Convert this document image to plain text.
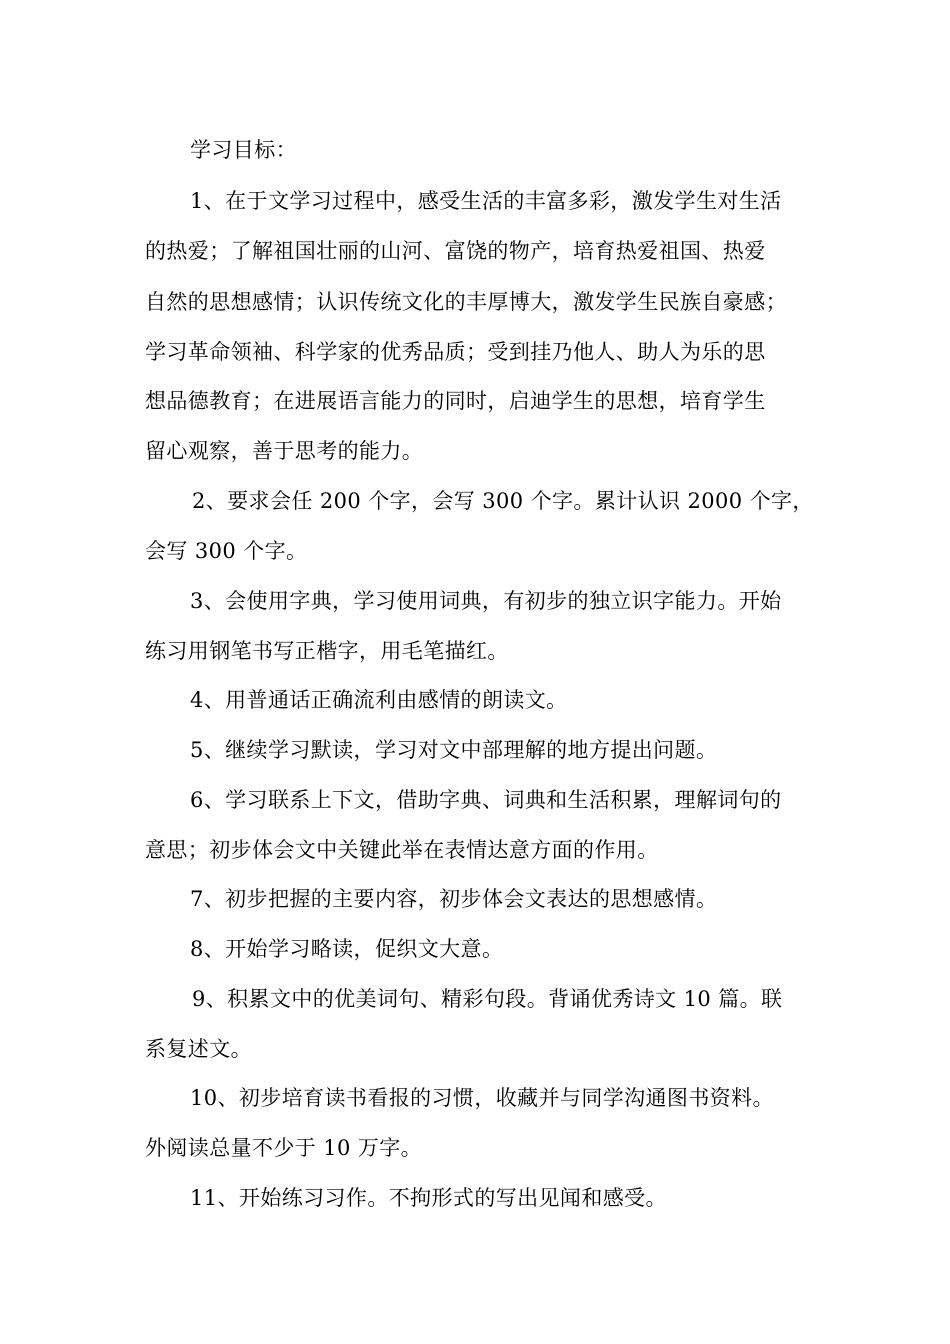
学习目标：
1、在于文学习过程中，感受生活的丰富多彩，激发学生对生活
的热爱；了解祖国壮丽的山河、富饶的物产，培育热爱祖国、热爱
自然的思想感情；认识传统文化的丰厚博大，激发学生民族自豪感；
学习革命领袖、科学家的优秀品质；受到挂乃他人、助人为乐的思
想品德教育；在进展语言能力的同时，启迪学生的思想，培育学生
留心观察，善于思考的能力。
2、要求会任 200 个字，会写 300 个字。累计认识 2000 个字，
会写 300 个字。
3、会使用字典，学习使用词典，有初步的独立识字能力。开始
练习用钢笔书写正楷字，用毛笔描红。
4、用普通话正确流利由感情的朗读文。
5、继续学习默读，学习对文中部理解的地方提出问题。
6、学习联系上下文，借助字典、词典和生活积累，理解词句的
意思；初步体会文中关键此举在表情达意方面的作用。
7、初步把握的主要内容，初步体会文表达的思想感情。
8、开始学习略读，促织文大意。
9、积累文中的优美词句、精彩句段。背诵优秀诗文 10 篇。联
系复述文。
10、初步培育读书看报的习惯，收藏并与同学沟通图书资料。
外阅读总量不少于 10 万字。
11、开始练习习作。不拘形式的写出见闻和感受。
